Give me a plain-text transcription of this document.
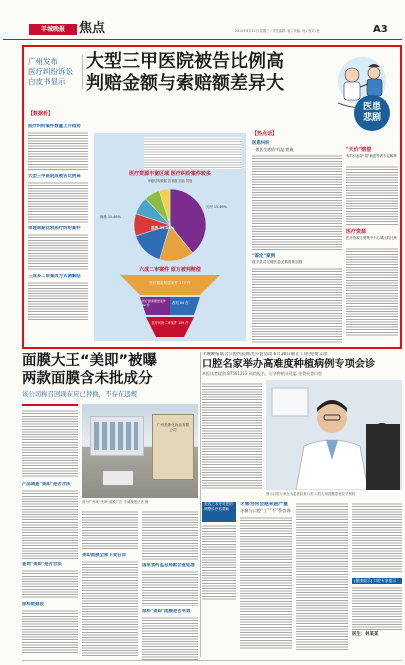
羊城晚报	焦点	2015年6月22日 星期三 / 责任编辑: 蒋 / 美编: 何 / 校对: 杜	A3
广州发布
医疗纠纷诉讼
白皮书显示
大型三甲医院被告比例高
判赔金额与索赔额差异大
医患
悲剧
【数据析】
医疗纠纷案件数量上升趋势
大型三甲医院成被告比例高
审理周期比较医疗纠纷案件
三成多二审案改方式调解结
医疗资源丰富区域 医疗纠纷案件较多
审级结构数据 患者数 药品 其他
越秀 39.18%
海珠 15.46%
天河 15.46%
六成二审案件 原方被判赔偿
医疗损害赔偿案件 177 件
医疗损害赔偿案件 62 件	改判 64 件
医疗纠纷二审案件 109 件
【热点话】
医患纠纷
一般医生感情"有温"措施
"鉴定"案例
数字是对过硬医患关系需要加强
"天价"赔偿
有的引起导"超"病患等者专业解释
医疗资源
医疗资源主要集中中心城区的比例
面膜大王“美即”被曝
两款面膜含未批成分
该公司称召回现在应已替换，不存在违规
广州美即化妆品有限公司
图为广州某"美即"面膜广告 羊城晚报记者 摄
产品调查"美即"是否合法
查询"美即"是否合法
原料数据报
美即面膜全部下架召回
国家食药监总局配合查处理
原料"美即"面膜是否有效
羊城晚报联合口腔医院推出公益活动 6月30日截止 口腔免费义诊
口腔名家举办高难度种植病例专项会诊
本报读者提供 87561212 预约报名，可享种植牙优惠 免费检查口腔
图为口腔专家在为患者检查口腔 口腔专家提醒患者及早预防
美容之术牙对您的调整诊疗有帮助
牙感为何会越来越严重
牙痛与口腔“工”“不”系咨询
[健康提示] 口腔专家提示
医生：林某某
